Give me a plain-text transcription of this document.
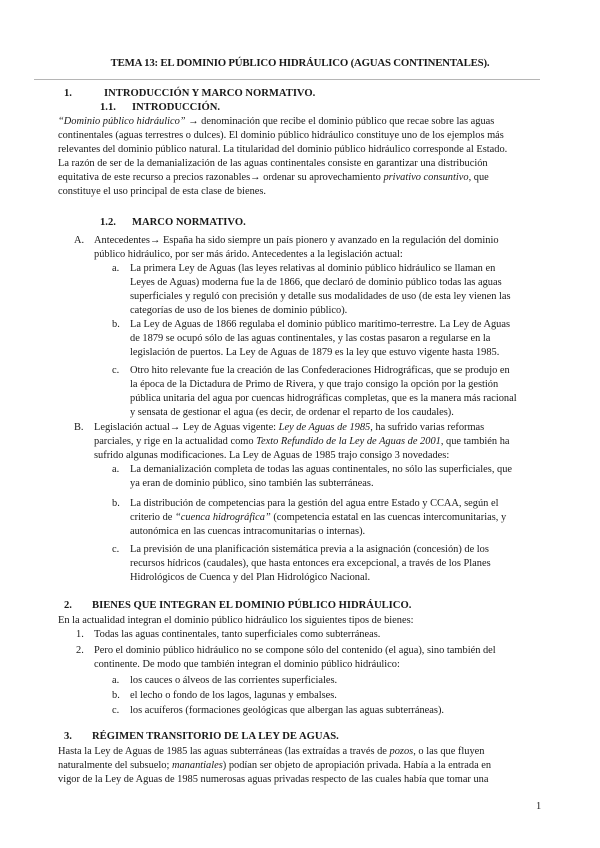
TEMA 13: EL DOMINIO PÚBLICO HIDRÁULICO (AGUAS CONTINENTALES).
1.	INTRODUCCIÓN Y MARCO NORMATIVO.
1.1. INTRODUCCIÓN.
“Dominio público hidráulico” → denominación que recibe el dominio público que recae sobre las aguas
continentales (aguas terrestres o dulces). El dominio público hidráulico constituye uno de los ejemplos más
relevantes del dominio público natural. La titularidad del dominio público hidráulico corresponde al Estado.
La razón de ser de la demanialización de las aguas continentales consiste en garantizar una distribución
equitativa de este recurso a precios razonables→ ordenar su aprovechamiento privativo consuntivo, que
constituye el uso principal de esta clase de bienes.
1.2. MARCO NORMATIVO.
A. Antecedentes→ España ha sido siempre un país pionero y avanzado en la regulación del dominio
público hidráulico, por ser más árido. Antecedentes a la legislación actual:
a. La primera Ley de Aguas (las leyes relativas al dominio público hidráulico se llaman en
Leyes de Aguas) moderna fue la de 1866, que declaró de dominio público todas las aguas
superficiales y reguló con precisión y detalle sus modalidades de uso (de esta ley vienen las
categorías de uso de los bienes de dominio público).
b. La Ley de Aguas de 1866 regulaba el dominio público marítimo-terrestre. La Ley de Aguas
de 1879 se ocupó sólo de las aguas continentales, y las costas pasaron a regularse en la
legislación de puertos. La Ley de Aguas de 1879 es la ley que estuvo vigente hasta 1985.
c. Otro hito relevante fue la creación de las Confederaciones Hidrográficas, que se produjo en
la época de la Dictadura de Primo de Rivera, y que trajo consigo la opción por la gestión
pública unitaria del agua por cuencas hidrográficas completas, que es la manera más racional
y sensata de gestionar el agua (es decir, de ordenar el reparto de los caudales).
B. Legislación actual→ Ley de Aguas vigente: Ley de Aguas de 1985, ha sufrido varias reformas
parciales, y rige en la actualidad como Texto Refundido de la Ley de Aguas de 2001, que también ha
sufrido algunas modificaciones. La Ley de Aguas de 1985 trajo consigo 3 novedades:
a. La demanialización completa de todas las aguas continentales, no sólo las superficiales, que
ya eran de dominio público, sino también las subterráneas.
b. La distribución de competencias para la gestión del agua entre Estado y CCAA, según el
criterio de “cuenca hidrográfica” (competencia estatal en las cuencas intercomunitarias, y
autonómica en las cuencas intracomunitarias o internas).
c. La previsión de una planificación sistemática previa a la asignación (concesión) de los
recursos hídricos (caudales), que hasta entonces era excepcional, a través de los Planes
Hidrológicos de Cuenca y del Plan Hidrológico Nacional.
2. BIENES QUE INTEGRAN EL DOMINIO PÚBLICO HIDRÁULICO.
En la actualidad integran el dominio público hidráulico los siguientes tipos de bienes:
1. Todas las aguas continentales, tanto superficiales como subterráneas.
2. Pero el dominio público hidráulico no se compone sólo del contenido (el agua), sino también del
continente. De modo que también integran el dominio público hidráulico:
a. los cauces o álveos de las corrientes superficiales.
b. el lecho o fondo de los lagos, lagunas y embalses.
c. los acuíferos (formaciones geológicas que albergan las aguas subterráneas).
3. RÉGIMEN TRANSITORIO DE LA LEY DE AGUAS.
Hasta la Ley de Aguas de 1985 las aguas subterráneas (las extraídas a través de pozos, o las que fluyen
naturalmente del subsuelo; manantiales) podían ser objeto de apropiación privada. Había a la entrada en
vigor de la Ley de Aguas de 1985 numerosas aguas privadas respecto de las cuales había que tomar una
1
